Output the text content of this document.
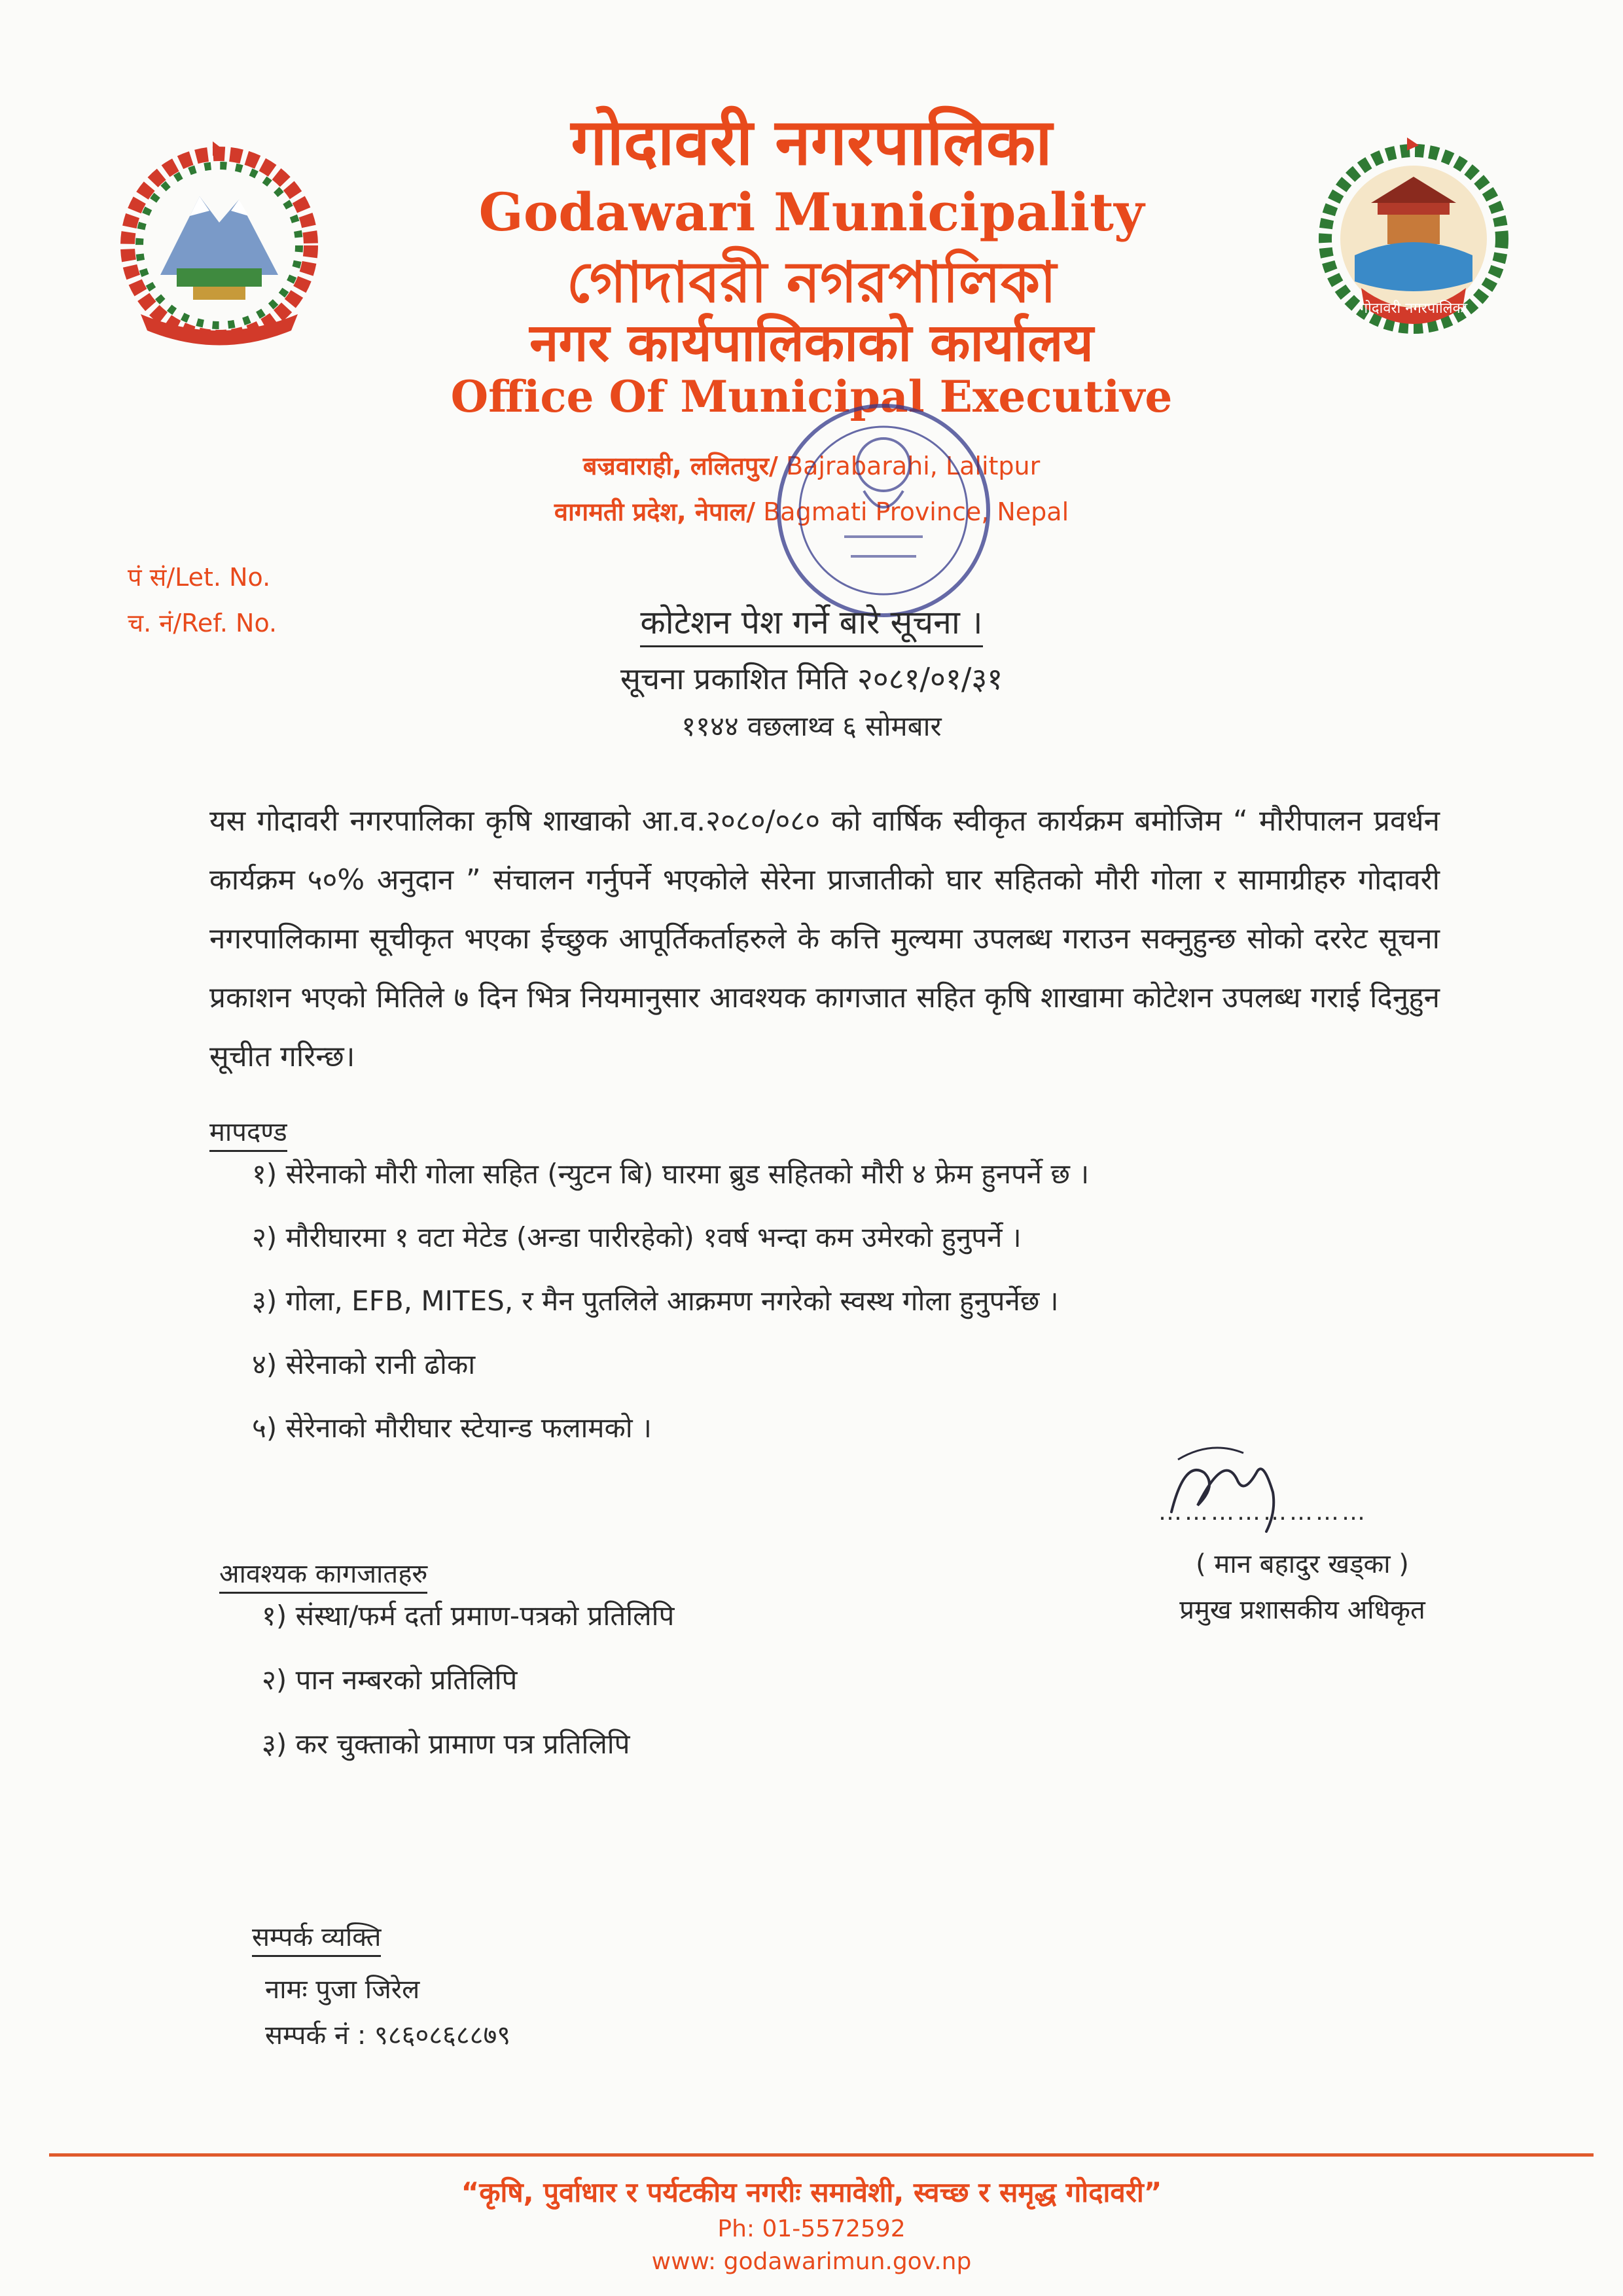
गोदावरी नगरपालिका
गोदावरी नगरपालिका
Godawari Municipality
গোদাবরী নগরপালিকা
नगर कार्यपालिकाको कार्यालय
Office Of Municipal Executive
बज्रवाराही, ललितपुर/ Bajrabarahi, Lalitpur
वागमती प्रदेश, नेपाल/ Bagmati Province, Nepal
पं सं/Let. No.
च. नं/Ref. No.	कोटेशन पेश गर्ने बारे सूचना ।
सूचना प्रकाशित मिति २०८१/०१/३१
११४४ वछलाथ्व ६ सोमबार
यस गोदावरी नगरपालिका कृषि शाखाको आ.व.२०८०/०८० को वार्षिक स्वीकृत कार्यक्रम बमोजिम “ मौरीपालन प्रवर्धन कार्यक्रम ५०% अनुदान ” संचालन गर्नुपर्ने भएकोले सेरेना प्राजातीको घार सहितको मौरी गोला र सामाग्रीहरु गोदावरी नगरपालिकामा सूचीकृत भएका ईच्छुक आपूर्तिकर्ताहरुले के कत्ति मुल्यमा उपलब्ध गराउन सक्नुहुन्छ सोको दररेट सूचना प्रकाशन भएको मितिले ७ दिन भित्र नियमानुसार आवश्यक कागजात सहित कृषि शाखामा कोटेशन उपलब्ध गराई दिनुहुन सूचीत गरिन्छ।
मापदण्ड
१) सेरेनाको मौरी गोला सहित (न्युटन बि) घारमा ब्रुड सहितको मौरी ४ फ्रेम हुनपर्ने छ ।
२) मौरीघारमा १ वटा मेटेड (अन्डा पारीरहेको) १वर्ष भन्दा कम उमेरको हुनुपर्ने ।
३) गोला, EFB, MITES, र मैन पुतलिले आक्रमण नगरेको स्वस्थ गोला हुनुपर्नेछ ।
४) सेरेनाको रानी ढोका
५) सेरेनाको मौरीघार स्टेयान्ड फलामको ।
……………………
( मान बहादुर खड्का )
प्रमुख प्रशासकीय अधिकृत
आवश्यक कागजातहरु
१) संस्था/फर्म दर्ता प्रमाण-पत्रको प्रतिलिपि
२) पान नम्बरको प्रतिलिपि
३) कर चुक्ताको प्रामाण पत्र प्रतिलिपि
सम्पर्क व्यक्ति
नामः पुजा जिरेल
सम्पर्क नं : ९८६०८६८८७९
“कृषि, पुर्वाधार र पर्यटकीय नगरीः समावेशी, स्वच्छ र समृद्ध गोदावरी”
Ph: 01-5572592
www: godawarimun.gov.np
